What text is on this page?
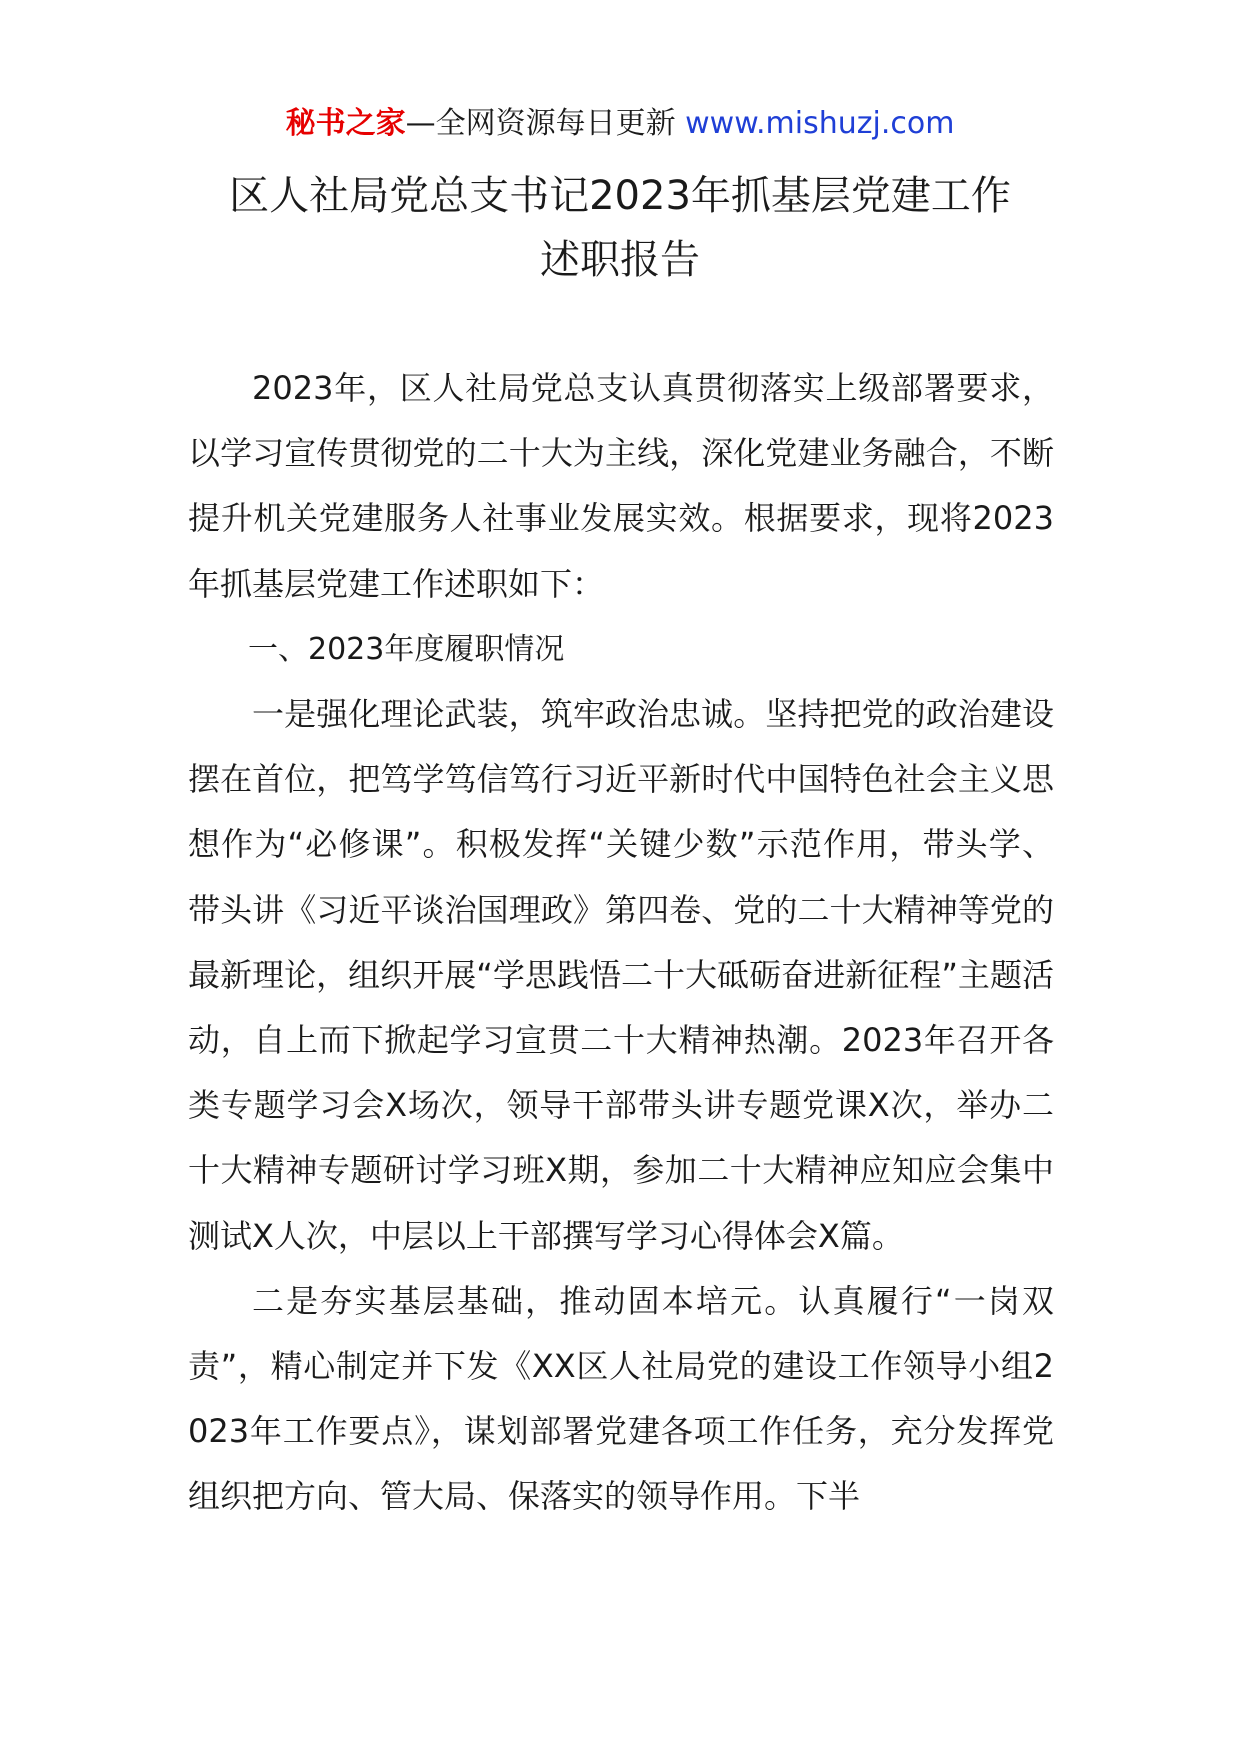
秘书之家—全网资源每日更新 www.mishuzj.com
区人社局党总支书记2023年抓基层党建工作
述职报告

2023年，区人社局党总支认真贯彻落实上级部署要求，以学习宣传贯彻党的二十大为主线，深化党建业务融合，不断提升机关党建服务人社事业发展实效。根据要求，现将2023年抓基层党建工作述职如下：

一、2023年度履职情况

一是强化理论武装，筑牢政治忠诚。坚持把党的政治建设摆在首位，把笃学笃信笃行习近平新时代中国特色社会主义思想作为“必修课”。积极发挥“关键少数”示范作用，带头学、带头讲《习近平谈治国理政》第四卷、党的二十大精神等党的最新理论，组织开展“学思践悟二十大砥砺奋进新征程”主题活动，自上而下掀起学习宣贯二十大精神热潮。2023年召开各类专题学习会X场次，领导干部带头讲专题党课X次，举办二十大精神专题研讨学习班X期，参加二十大精神应知应会集中测试X人次，中层以上干部撰写学习心得体会X篇。

二是夯实基层基础，推动固本培元。认真履行“一岗双责”，精心制定并下发《XX区人社局党的建设工作领导小组2023年工作要点》，谋划部署党建各项工作任务，充分发挥党组织把方向、管大局、保落实的领导作用。下半
